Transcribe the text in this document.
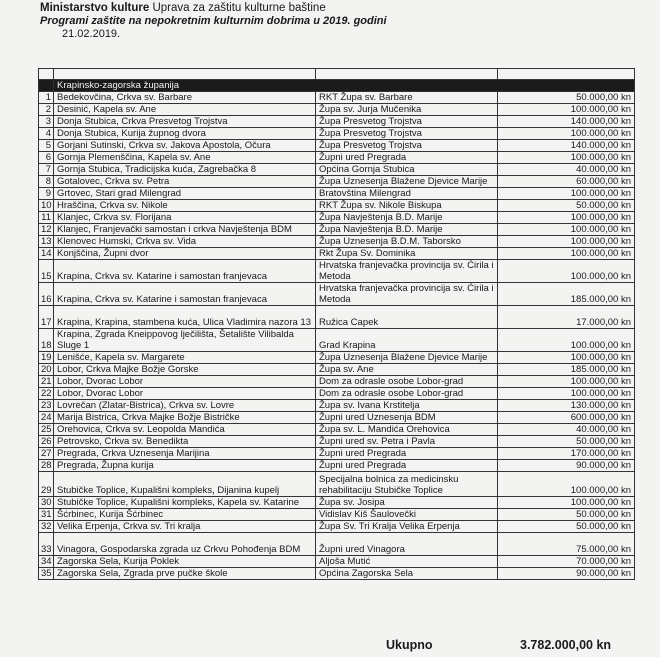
Ministarstvo kulture Uprava za zaštitu kulturne baštine
Programi zaštite na nepokretnim kulturnim dobrima u 2019. godini
21.02.2019.

	Krapinsko-zagorska županija		
1	Bedekovčina, Crkva sv. Barbare	RKT Župa sv. Barbare	50.000,00 kn
2	Desinić, Kapela sv. Ane	Župa sv. Jurja Mučenika	100.000,00 kn
3	Donja Stubica, Crkva Presvetog Trojstva	Župa Presvetog Trojstva	140.000,00 kn
4	Donja Stubica, Kurija župnog dvora	Župa Presvetog Trojstva	100.000,00 kn
5	Gorjani Sutinski, Crkva sv. Jakova Apostola, Očura	Župa Presvetog Trojstva	140.000,00 kn
6	Gornja Plemenščina, Kapela sv. Ane	Župni ured Pregrada	100.000,00 kn
7	Gornja Stubica, Tradicijska kuća, Zagrebačka 8	Općina Gornja Stubica	40.000,00 kn
8	Gotalovec, Crkva sv. Petra	Župa Uznesenja Blažene Djevice Marije	60.000,00 kn
9	Grtovec, Stari grad Milengrad	Bratovština Milengrad	100.000,00 kn
10	Hraščina, Crkva sv. Nikole	RKT Župa sv. Nikole Biskupa	50.000,00 kn
11	Klanjec, Crkva sv. Florijana	Župa Navještenja B.D. Marije	100.000,00 kn
12	Klanjec, Franjevački samostan i crkva Navještenja BDM	Župa Navještenja B.D. Marije	100.000,00 kn
13	Klenovec Humski, Crkva sv. Vida	Župa Uznesenja B.D.M. Taborsko	100.000,00 kn
14	Konjščina, Župni dvor	Rkt Župa Sv. Dominika	100.000,00 kn
15	Krapina, Crkva sv. Katarine i samostan franjevaca	Hrvatska franjevačka provincija sv. Ćirila i Metoda	100.000,00 kn
16	Krapina, Crkva sv. Katarine i samostan franjevaca	Hrvatska franjevačka provincija sv. Ćirila i Metoda	185.000,00 kn
17	Krapina, Krapina, stambena kuća, Ulica Vladimira nazora 13	Ružica Capek	17.000,00 kn
18	Krapina, Zgrada Kneippovog lječilišta, Šetalište Vilibalda Sluge 1	Grad Krapina	100.000,00 kn
19	Lenišće, Kapela sv. Margarete	Župa Uznesenja Blažene Djevice Marije	100.000,00 kn
20	Lobor, Crkva Majke Božje Gorske	Župa sv. Ane	185.000,00 kn
21	Lobor, Dvorac Lobor	Dom za odrasle osobe Lobor-grad	100.000,00 kn
22	Lobor, Dvorac Lobor	Dom za odrasle osobe Lobor-grad	100.000,00 kn
23	Lovrečan (Zlatar-Bistrica), Crkva sv. Lovre	Župa sv. Ivana Krstitelja	130.000,00 kn
24	Marija Bistrica, Crkva Majke Božje Bistričke	Župni ured Uznesenja BDM	600.000,00 kn
25	Orehovica, Crkva sv. Leopolda Mandića	Župa sv. L. Mandića Orehovica	40.000,00 kn
26	Petrovsko, Crkva sv. Benedikta	Župni ured sv. Petra i Pavla	50.000,00 kn
27	Pregrada, Crkva Uznesenja Marijina	Župni ured Pregrada	170.000,00 kn
28	Pregrada, Župna kurija	Župni ured Pregrada	90.000,00 kn
29	Stubičke Toplice, Kupališni kompleks, Dijanina kupelj	Specijalna bolnica za medicinsku rehabilitaciju Stubičke Toplice	100.000,00 kn
30	Stubičke Toplice, Kupališni kompleks, Kapela sv. Katarine	Župa sv. Josipa	100.000,00 kn
31	Šćrbinec, Kurija Šćrbinec	Vidislav Kiš Šaulovečki	50.000,00 kn
32	Velika Erpenja, Crkva sv. Tri kralja	Župa Sv. Tri Kralja Velika Erpenja	50.000,00 kn
33	Vinagora, Gospodarska zgrada uz Crkvu Pohođenja BDM	Župni ured Vinagora	75.000,00 kn
34	Zagorska Sela, Kurija Poklek	Aljoša Mutić	70.000,00 kn
35	Zagorska Sela, Zgrada prve pučke škole	Općina Zagorska Sela	90.000,00 kn
Ukupno	3.782.000,00 kn
